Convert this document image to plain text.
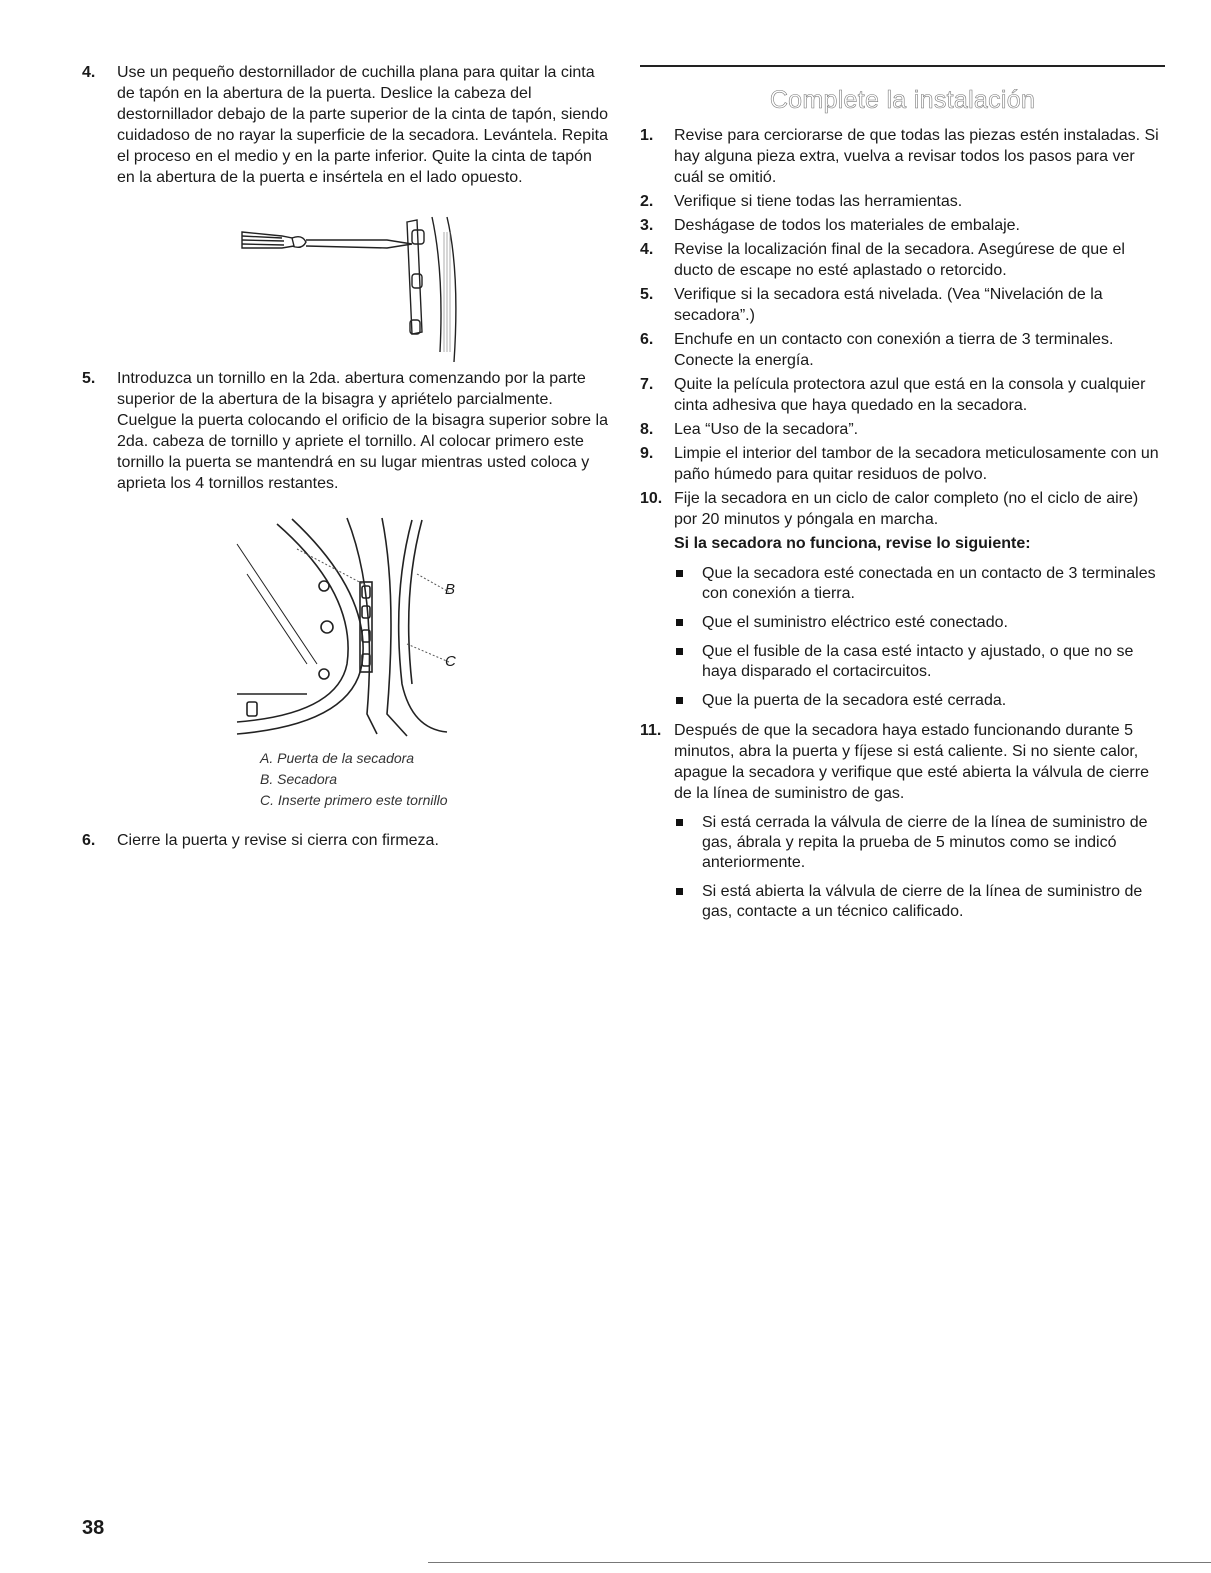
4. Use un pequeño destornillador de cuchilla plana para quitar la cinta de tapón en la abertura de la puerta. Deslice la cabeza del destornillador debajo de la parte superior de la cinta de tapón, siendo cuidadoso de no rayar la superficie de la secadora. Levántela. Repita el proceso en el medio y en la parte inferior. Quite la cinta de tapón en la abertura de la puerta e insértela en el lado opuesto.
5. Introduzca un tornillo en la 2da. abertura comenzando por la parte superior de la abertura de la bisagra y apriételo parcialmente. Cuelgue la puerta colocando el orificio de la bisagra superior sobre la 2da. cabeza de tornillo y apriete el tornillo. Al colocar primero este tornillo la puerta se mantendrá en su lugar mientras usted coloca y aprieta los 4 tornillos restantes.
B
C
A. Puerta de la secadora
B. Secadora
C. Inserte primero este tornillo
6. Cierre la puerta y revise si cierra con firmeza.
Complete la instalación
1. Revise para cerciorarse de que todas las piezas estén instaladas. Si hay alguna pieza extra, vuelva a revisar todos los pasos para ver cuál se omitió.
2. Verifique si tiene todas las herramientas.
3. Deshágase de todos los materiales de embalaje.
4. Revise la localización final de la secadora. Asegúrese de que el ducto de escape no esté aplastado o retorcido.
5. Verifique si la secadora está nivelada. (Vea “Nivelación de la secadora”.)
6. Enchufe en un contacto con conexión a tierra de 3 terminales. Conecte la energía.
7. Quite la película protectora azul que está en la consola y cualquier cinta adhesiva que haya quedado en la secadora.
8. Lea “Uso de la secadora”.
9. Limpie el interior del tambor de la secadora meticulosamente con un paño húmedo para quitar residuos de polvo.
10. Fije la secadora en un ciclo de calor completo (no el ciclo de aire) por 20 minutos y póngala en marcha.
Si la secadora no funciona, revise lo siguiente:
Que la secadora esté conectada en un contacto de 3 terminales con conexión a tierra.
Que el suministro eléctrico esté conectado.
Que el fusible de la casa esté intacto y ajustado, o que no se haya disparado el cortacircuitos.
Que la puerta de la secadora esté cerrada.
11. Después de que la secadora haya estado funcionando durante 5 minutos, abra la puerta y fíjese si está caliente. Si no siente calor, apague la secadora y verifique que esté abierta la válvula de cierre de la línea de suministro de gas.
Si está cerrada la válvula de cierre de la línea de suministro de gas, ábrala y repita la prueba de 5 minutos como se indicó anteriormente.
Si está abierta la válvula de cierre de la línea de suministro de gas, contacte a un técnico calificado.
38
